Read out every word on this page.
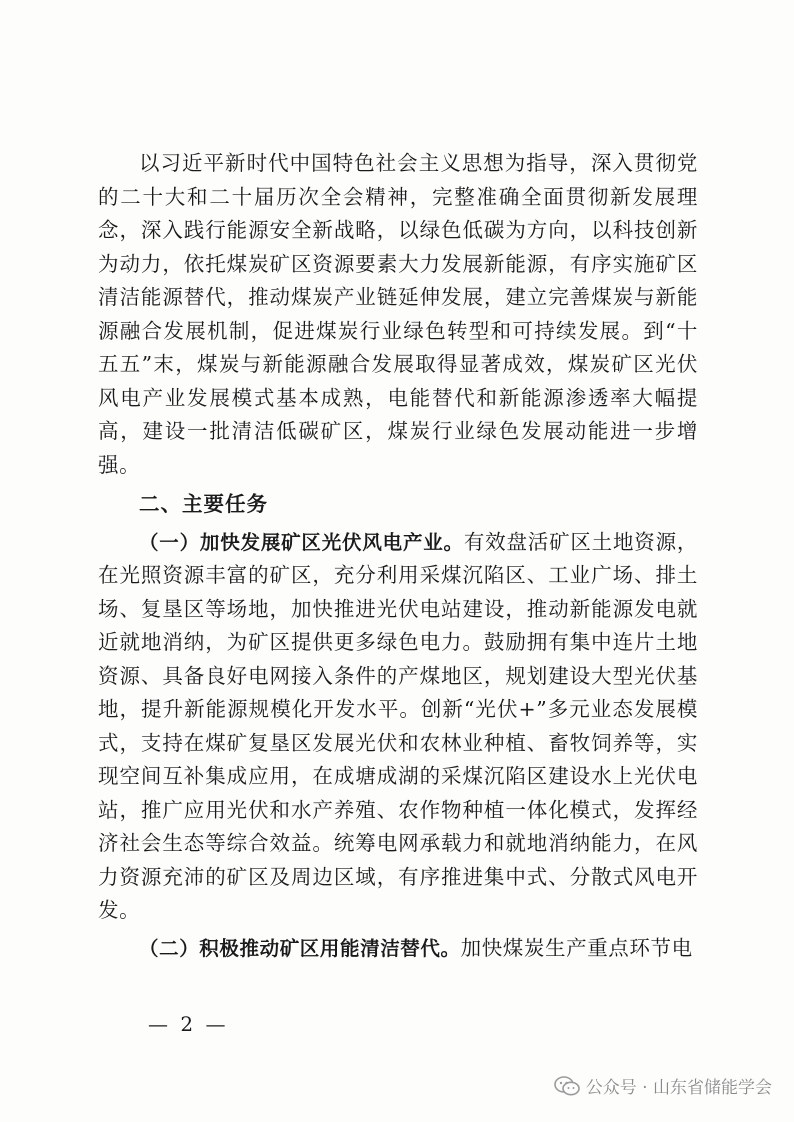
以习近平新时代中国特色社会主义思想为指导，深入贯彻党的二十大和二十届历次全会精神，完整准确全面贯彻新发展理念，深入践行能源安全新战略，以绿色低碳为方向，以科技创新为动力，依托煤炭矿区资源要素大力发展新能源，有序实施矿区清洁能源替代，推动煤炭产业链延伸发展，建立完善煤炭与新能源融合发展机制，促进煤炭行业绿色转型和可持续发展。到“十五五”末，煤炭与新能源融合发展取得显著成效，煤炭矿区光伏风电产业发展模式基本成熟，电能替代和新能源渗透率大幅提高，建设一批清洁低碳矿区，煤炭行业绿色发展动能进一步增强。

二、主要任务

（一）加快发展矿区光伏风电产业。有效盘活矿区土地资源，在光照资源丰富的矿区，充分利用采煤沉陷区、工业广场、排土场、复垦区等场地，加快推进光伏电站建设，推动新能源发电就近就地消纳，为矿区提供更多绿色电力。鼓励拥有集中连片土地资源、具备良好电网接入条件的产煤地区，规划建设大型光伏基地，提升新能源规模化开发水平。创新“光伏+”多元业态发展模式，支持在煤矿复垦区发展光伏和农林业种植、畜牧饲养等，实现空间互补集成应用，在成塘成湖的采煤沉陷区建设水上光伏电站，推广应用光伏和水产养殖、农作物种植一体化模式，发挥经济社会生态等综合效益。统筹电网承载力和就地消纳能力，在风力资源充沛的矿区及周边区域，有序推进集中式、分散式风电开发。

（二）积极推动矿区用能清洁替代。加快煤炭生产重点环节电

— 2 —
公众号 · 山东省储能学会
